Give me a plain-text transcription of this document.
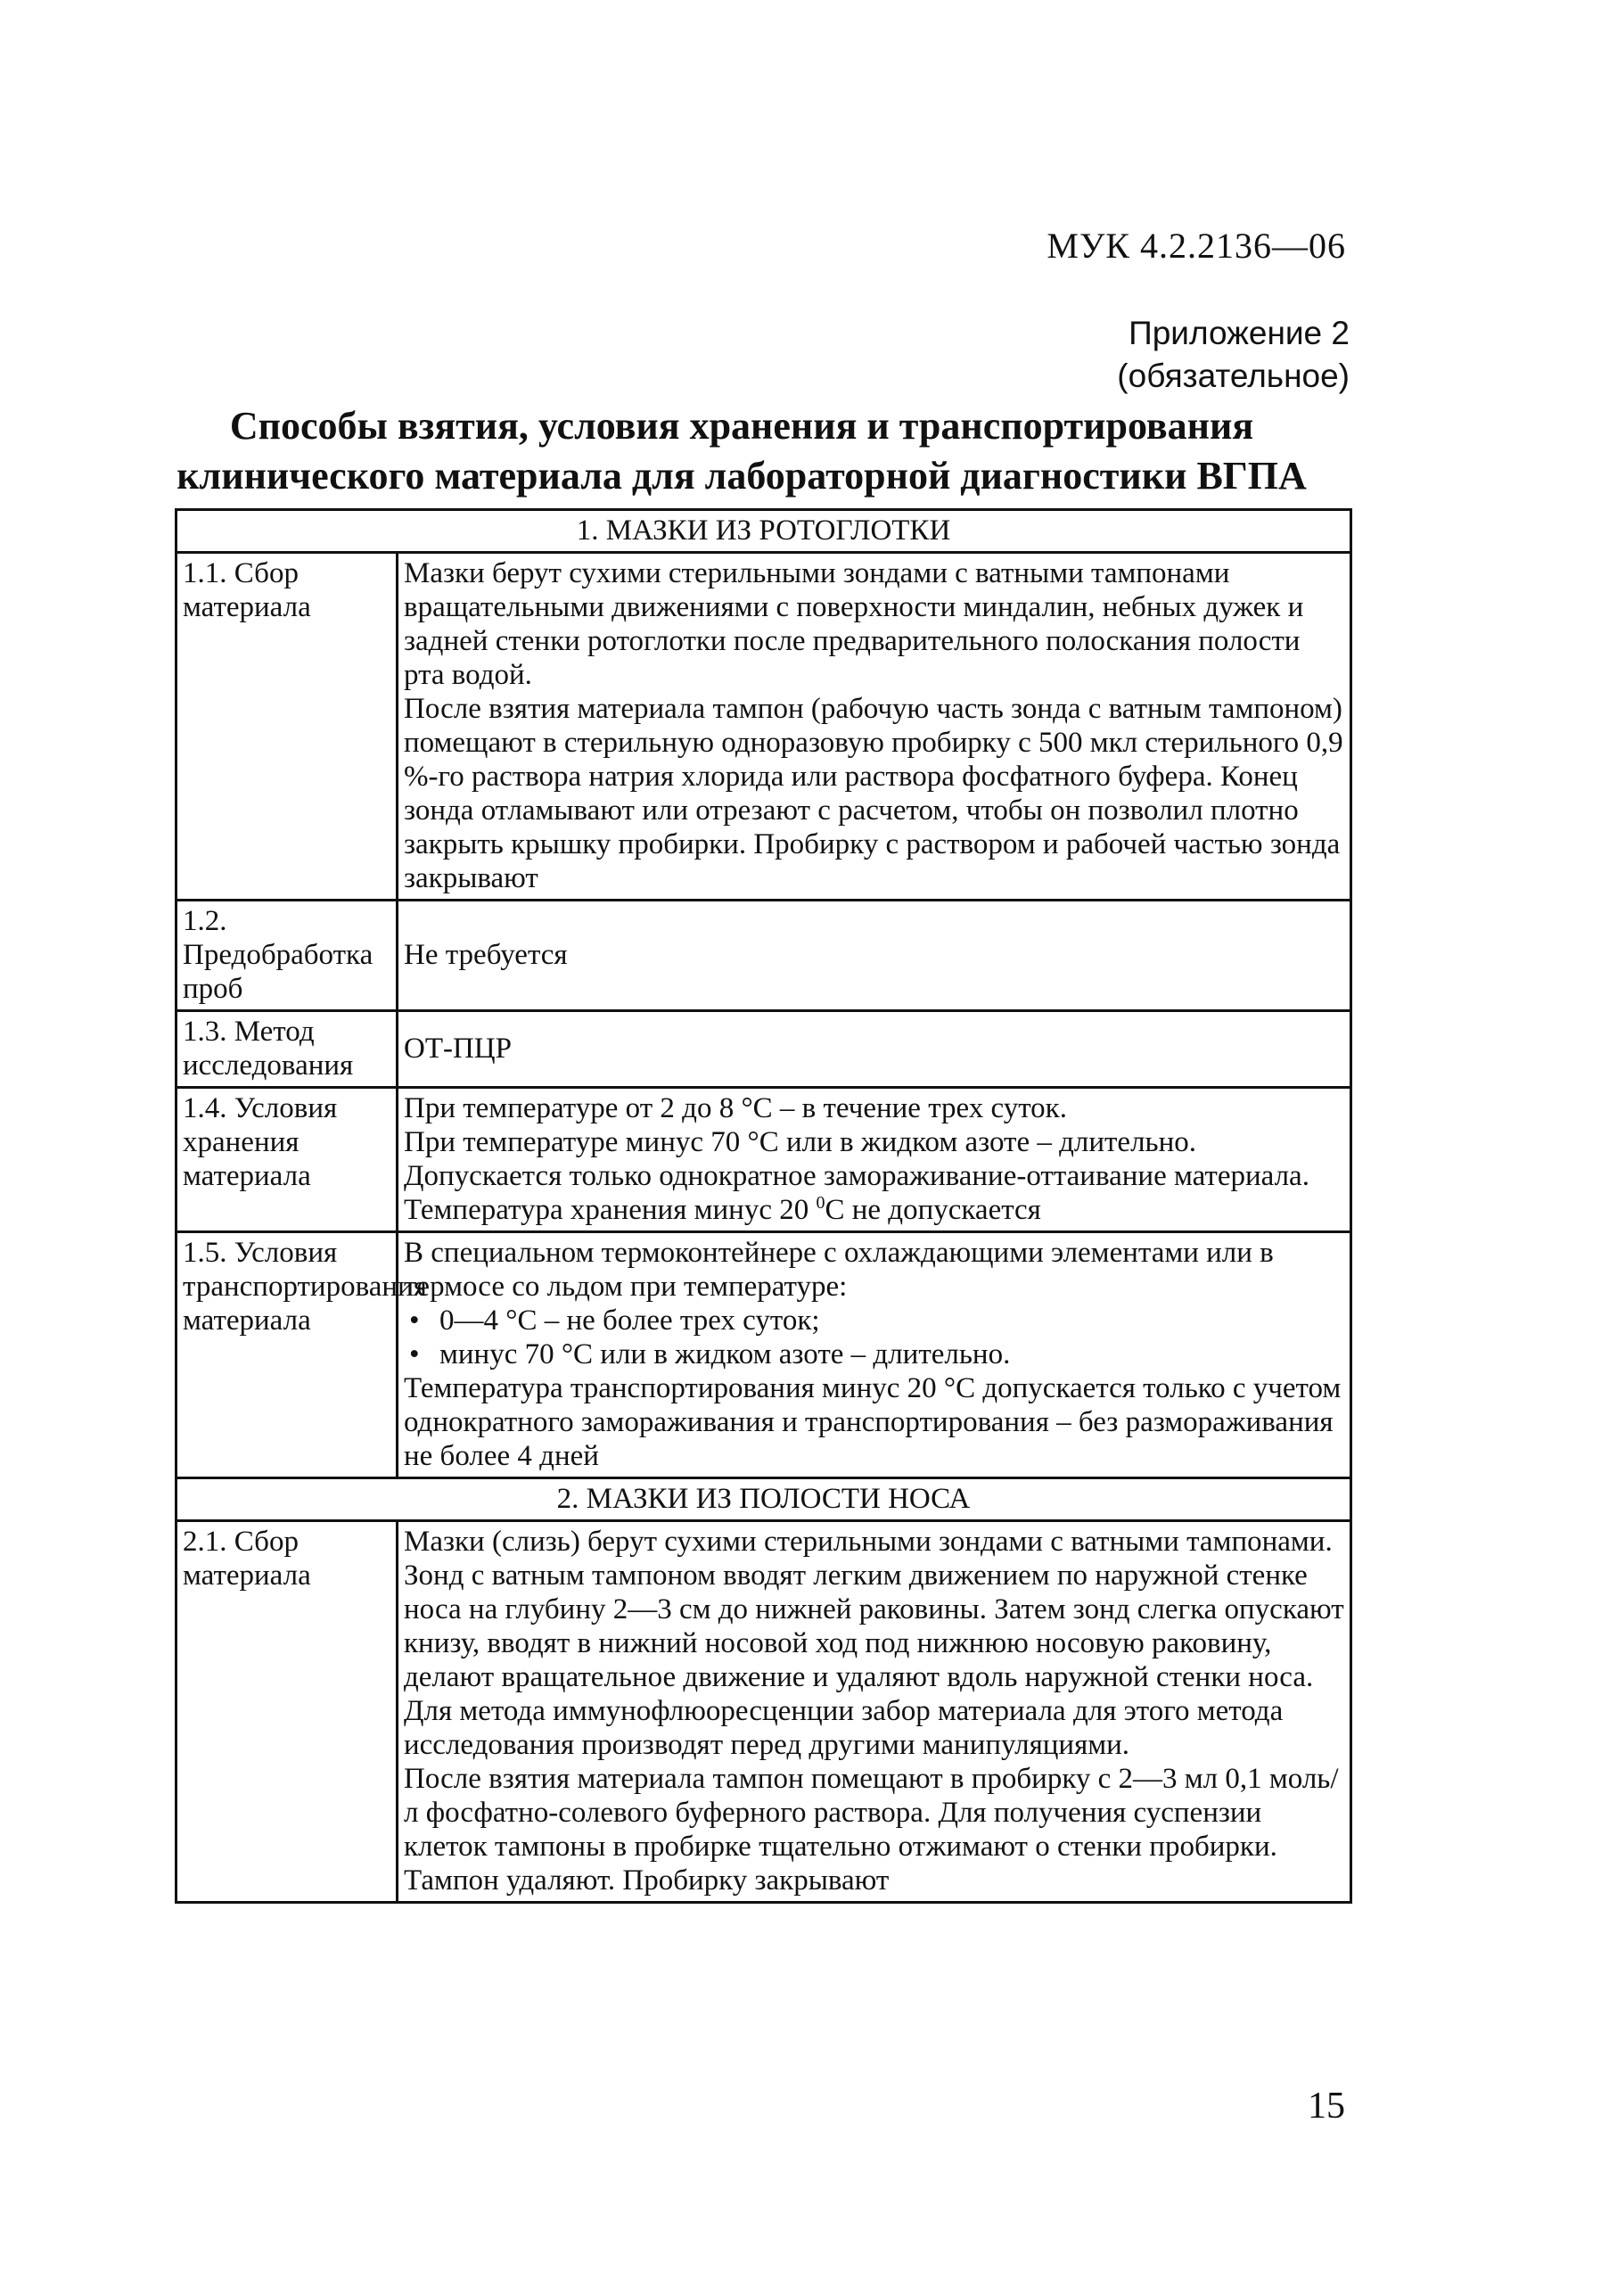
МУК 4.2.2136—06
Приложение 2
(обязательное)
Способы взятия, условия хранения и транспортирования
клинического материала для лабораторной диагностики ВГПА
1. МАЗКИ ИЗ РОТОГЛОТКИ	
1.1. Сбор материала	Мазки берут сухими стерильными зондами с ватными тампонами вращательными движениями с поверхности миндалин, небных дужек и задней стенки ротоглотки после предварительного полоскания полости рта водой.
После взятия материала тампон (рабочую часть зонда с ватным тампоном) помещают в стерильную одноразовую пробирку с 500 мкл стерильного 0,9 %-го раствора натрия хлорида или раствора фосфатного буфера. Конец зонда отламывают или отрезают с расчетом, чтобы он позволил плотно закрыть крышку пробирки. Пробирку с раствором и рабочей частью зонда закрывают

1.2. Предобработка проб	Не требуется

1.3. Метод исследования	ОТ-ПЦР

1.4. Условия хранения материала	При температуре от 2 до 8 °С – в течение трех суток.
При температуре минус 70 °С или в жидком азоте – длительно.
Допускается только однократное замораживание-оттаивание материала. Температура хранения минус 20 $^0$С не допускается

1.5. Условия транспортирования материала	В специальном термоконтейнере с охлаждающими элементами или в термосе со льдом при температуре:
• 0—4 °С – не более трех суток;
• минус 70 °С или в жидком азоте – длительно.
Температура транспортирования минус 20 °С допускается только с учетом однократного замораживания и транспортирования – без размораживания не более 4 дней

2. МАЗКИ ИЗ ПОЛОСТИ НОСА	
2.1. Сбор материала	Мазки (слизь) берут сухими стерильными зондами с ватными тампонами. Зонд с ватным тампоном вводят легким движением по наружной стенке носа на глубину 2—3 см до нижней раковины. Затем зонд слегка опускают книзу, вводят в нижний носовой ход под нижнюю носовую раковину, делают вращательное движение и удаляют вдоль наружной стенки носа.
Для метода иммунофлюоресценции забор материала для этого метода исследования производят перед другими манипуляциями.
После взятия материала тампон помещают в пробирку с 2—3 мл 0,1 моль/л фосфатно-солевого буферного раствора. Для получения суспензии клеток тампоны в пробирке тщательно отжимают о стенки пробирки. Тампон удаляют. Пробирку закрывают
15
